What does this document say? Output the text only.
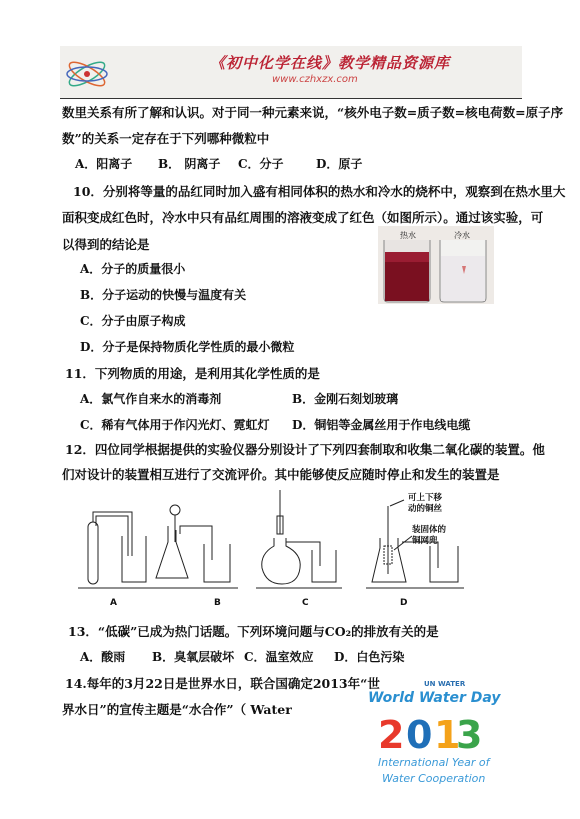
《初中化学在线》教学精品资源库
www.czhxzx.com
数里关系有所了解和认识。对于同一种元素来说，“核外电子数=质子数=核电荷数=原子序
数”的关系一定存在于下列哪种微粒中
A．阳离子 B． 阴离子 C．分子	D．原子
10．分别将等量的品红同时加入盛有相同体积的热水和冷水的烧杯中，观察到在热水里大
面积变成红色时，冷水中只有品红周围的溶液变成了红色（如图所示）。通过该实验，可
以得到的结论是
A．分子的质量很小
B．分子运动的快慢与温度有关
C．分子由原子构成
D．分子是保持物质化学性质的最小微粒
热水	冷水
11．下列物质的用途，是利用其化学性质的是
A．氯气作自来水的消毒剂	B．金刚石刻划玻璃
C．稀有气体用于作闪光灯、霓虹灯 D．铜铝等金属丝用于作电线电缆
12．四位同学根据提供的实验仪器分别设计了下列四套制取和收集二氧化碳的装置。他
们对设计的装置相互进行了交流评价。其中能够使反应随时停止和发生的装置是
可上下移
动的铜丝
装固体的
铜网兜
A	B	C	D
13．“低碳”已成为热门话题。下列环境问题与CO₂的排放有关的是
A．酸雨 B．臭氧层破坏 C．温室效应 D．白色污染
14.每年的3月22日是世界水日，联合国确定2013年“世
界水日”的宣传主题是“水合作”（ Water
UN WATER
World Water Day
2 0 1
3
International Year of
Water Cooperation
